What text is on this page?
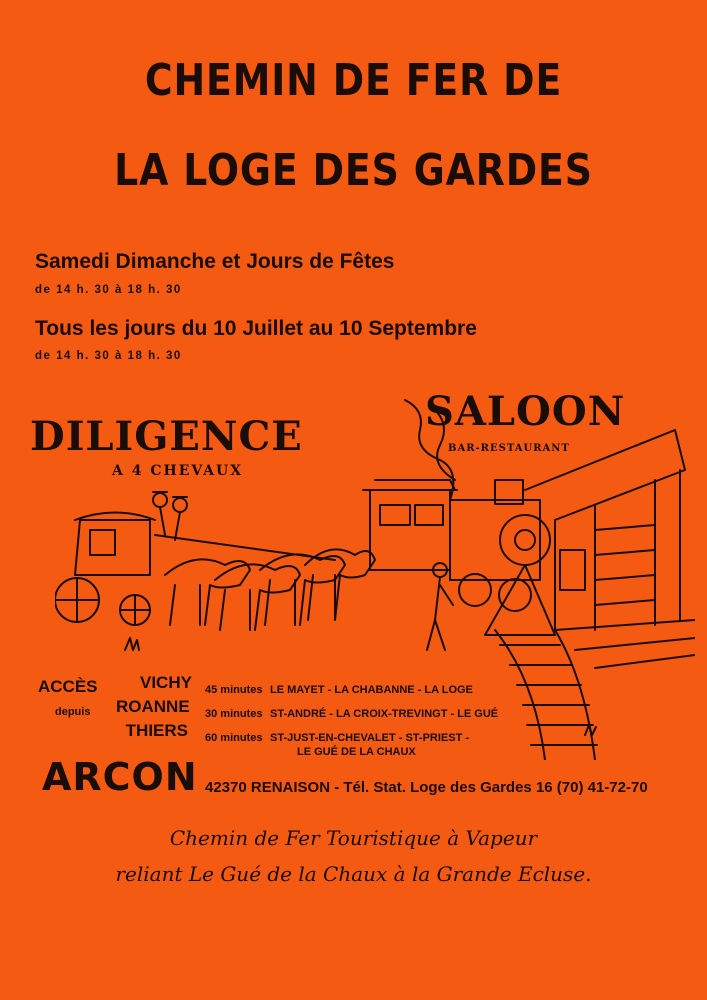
CHEMIN DE FER DE
LA LOGE DES GARDES
Samedi Dimanche et Jours de Fêtes
de 14 h. 30 à 18 h. 30
Tous les jours du 10 Juillet au 10 Septembre
de 14 h. 30 à 18 h. 30
DILIGENCE
A 4 CHEVAUX
SALOON
BAR-RESTAURANT
ACCÈS
depuis
VICHY
ROANNE
THIERS
45 minutes LE MAYET - LA CHABANNE - LA LOGE
30 minutes ST-ANDRÉ - LA CROIX-TREVINGT - LE GUÉ
60 minutes ST-JUST-EN-CHEVALET - ST-PRIEST -
LE GUÉ DE LA CHAUX
ARCON 42370 RENAISON - Tél. Stat. Loge des Gardes 16 (70) 41-72-70
Chemin de Fer Touristique à Vapeur
reliant Le Gué de la Chaux à la Grande Ecluse.
